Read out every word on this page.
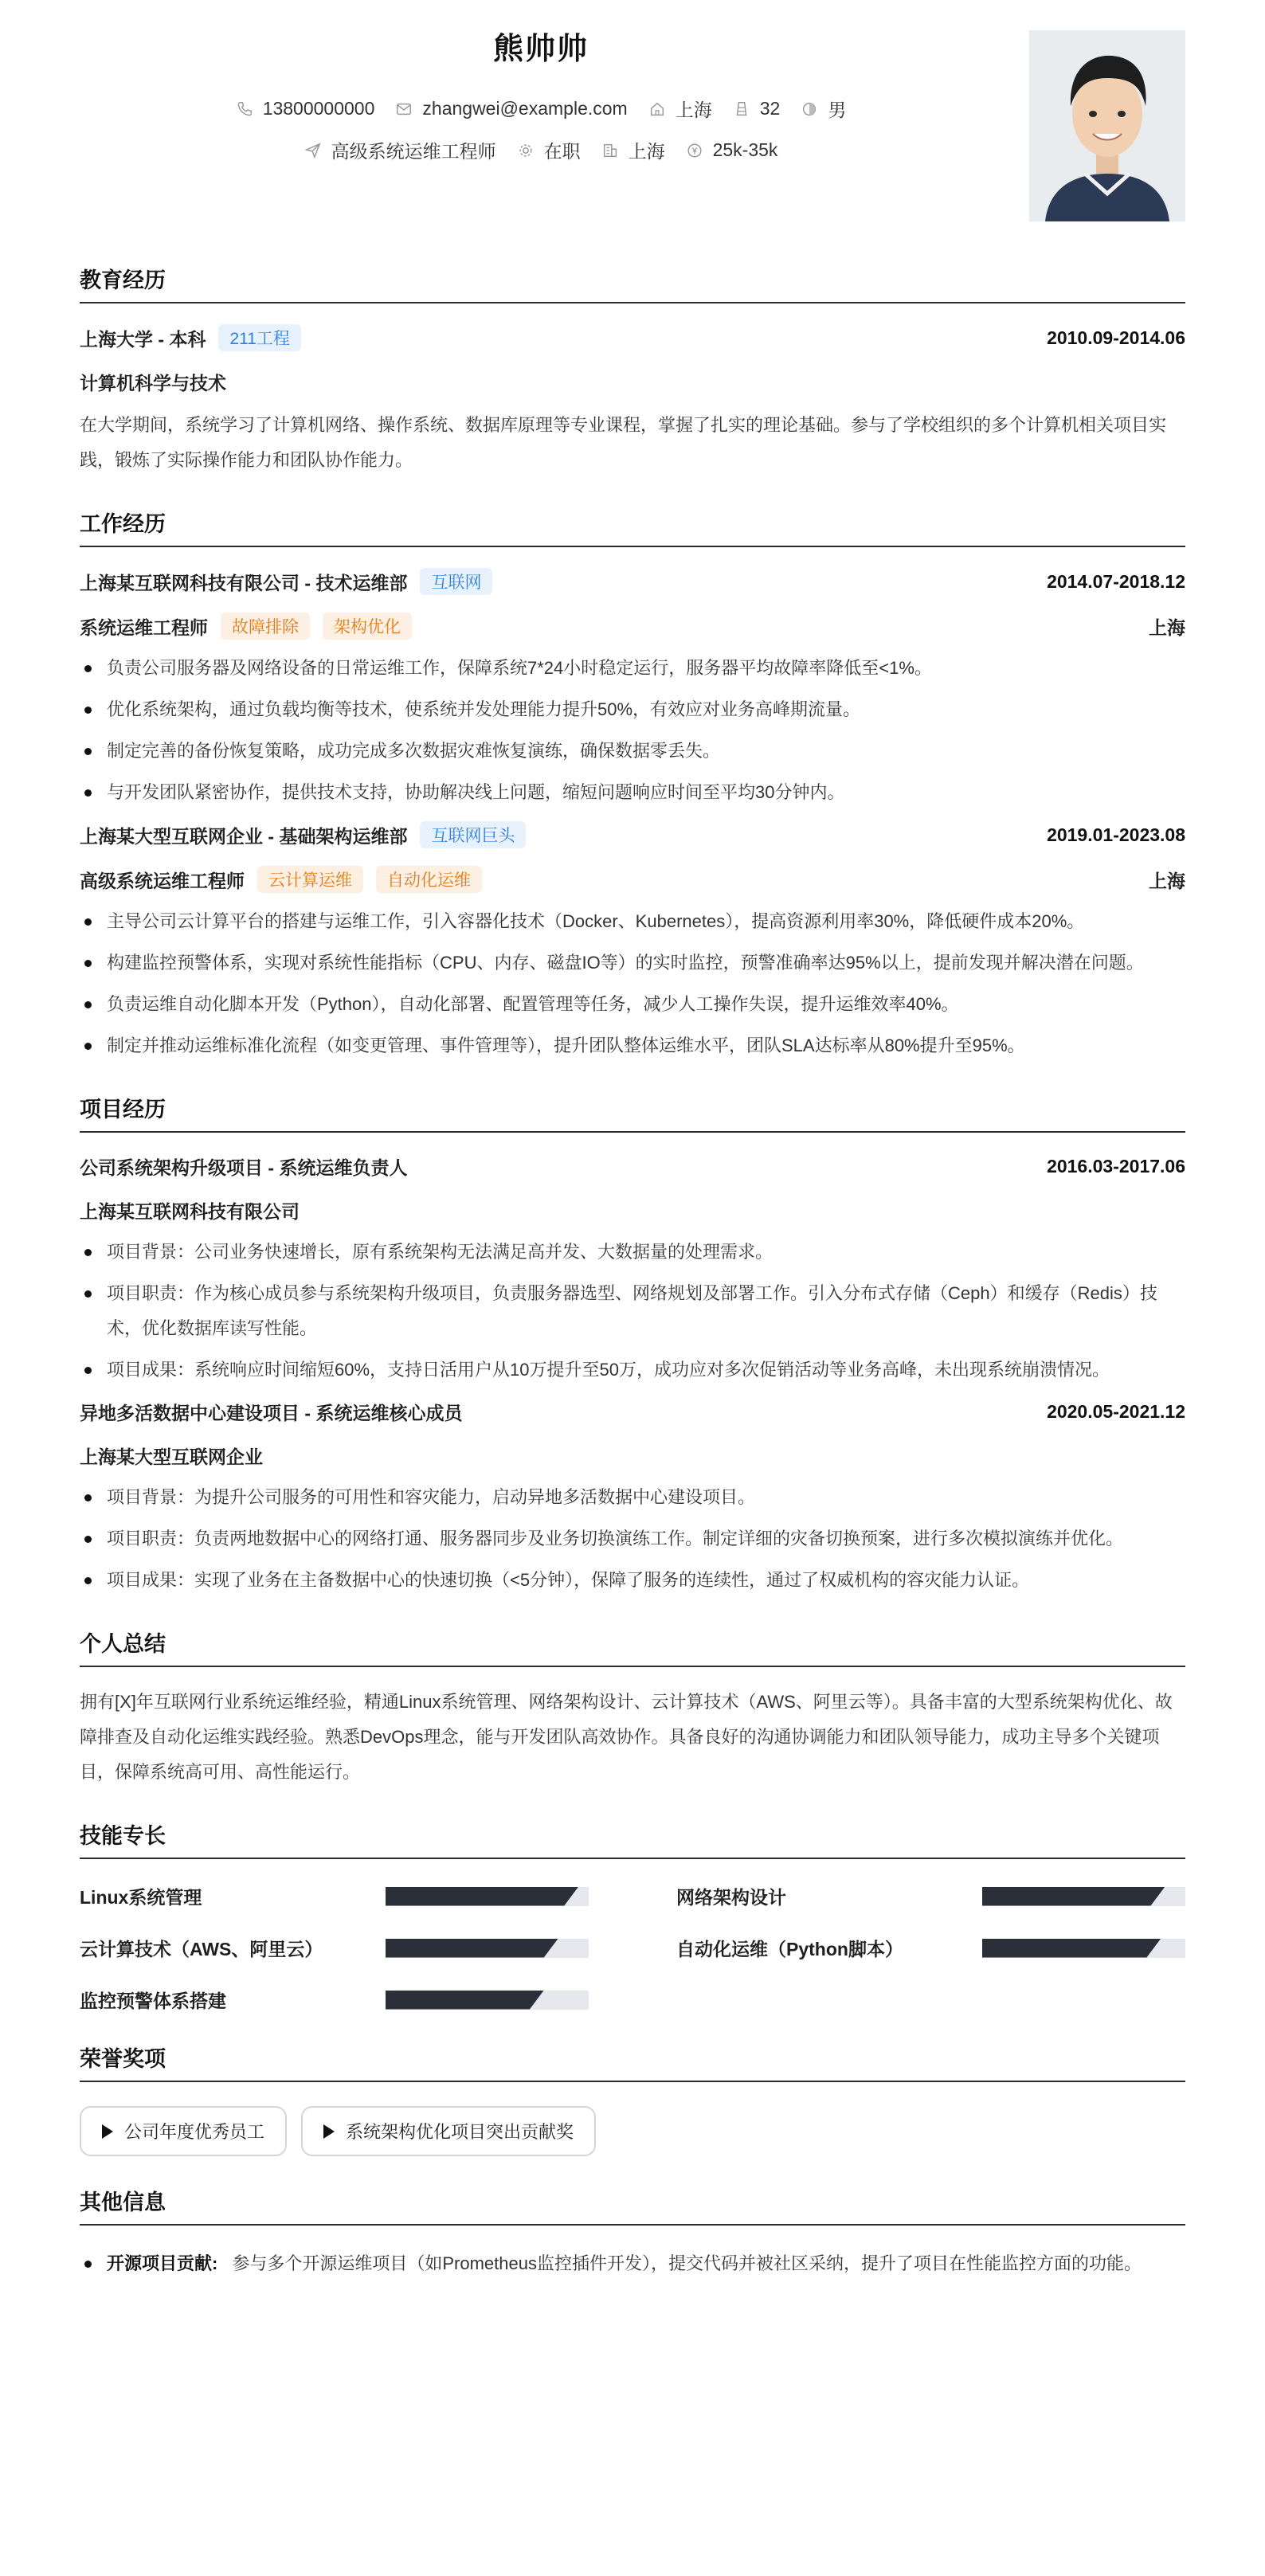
熊帅帅
13800000000	zhangwei@example.com	上海	32	男
高级系统运维工程师	在职	上海	25k-35k
教育经历
上海大学 - 本科	211工程	2010.09-2014.06
计算机科学与技术
在大学期间，系统学习了计算机网络、操作系统、数据库原理等专业课程，掌握了扎实的理论基础。参与了学校组织的多个计算机相关项目实践，锻炼了实际操作能力和团队协作能力。
工作经历
上海某互联网科技有限公司 - 技术运维部	互联网	2014.07-2018.12
系统运维工程师	故障排除	架构优化	上海
负责公司服务器及网络设备的日常运维工作，保障系统7*24小时稳定运行，服务器平均故障率降低至<1%。
优化系统架构，通过负载均衡等技术，使系统并发处理能力提升50%，有效应对业务高峰期流量。
制定完善的备份恢复策略，成功完成多次数据灾难恢复演练，确保数据零丢失。
与开发团队紧密协作，提供技术支持，协助解决线上问题，缩短问题响应时间至平均30分钟内。
上海某大型互联网企业 - 基础架构运维部	互联网巨头	2019.01-2023.08
高级系统运维工程师	云计算运维	自动化运维	上海
主导公司云计算平台的搭建与运维工作，引入容器化技术（Docker、Kubernetes），提高资源利用率30%，降低硬件成本20%。
构建监控预警体系，实现对系统性能指标（CPU、内存、磁盘IO等）的实时监控，预警准确率达95%以上，提前发现并解决潜在问题。
负责运维自动化脚本开发（Python），自动化部署、配置管理等任务，减少人工操作失误，提升运维效率40%。
制定并推动运维标准化流程（如变更管理、事件管理等），提升团队整体运维水平，团队SLA达标率从80%提升至95%。
项目经历
公司系统架构升级项目 - 系统运维负责人	2016.03-2017.06
上海某互联网科技有限公司
项目背景：公司业务快速增长，原有系统架构无法满足高并发、大数据量的处理需求。
项目职责：作为核心成员参与系统架构升级项目，负责服务器选型、网络规划及部署工作。引入分布式存储（Ceph）和缓存（Redis）技术，优化数据库读写性能。
项目成果：系统响应时间缩短60%，支持日活用户从10万提升至50万，成功应对多次促销活动等业务高峰，未出现系统崩溃情况。
异地多活数据中心建设项目 - 系统运维核心成员	2020.05-2021.12
上海某大型互联网企业
项目背景：为提升公司服务的可用性和容灾能力，启动异地多活数据中心建设项目。
项目职责：负责两地数据中心的网络打通、服务器同步及业务切换演练工作。制定详细的灾备切换预案，进行多次模拟演练并优化。
项目成果：实现了业务在主备数据中心的快速切换（<5分钟），保障了服务的连续性，通过了权威机构的容灾能力认证。
个人总结
拥有[X]年互联网行业系统运维经验，精通Linux系统管理、网络架构设计、云计算技术（AWS、阿里云等）。具备丰富的大型系统架构优化、故障排查及自动化运维实践经验。熟悉DevOps理念，能与开发团队高效协作。具备良好的沟通协调能力和团队领导能力，成功主导多个关键项目，保障系统高可用、高性能运行。
技能专长
Linux系统管理	网络架构设计
云计算技术（AWS、阿里云）	自动化运维（Python脚本）
监控预警体系搭建
荣誉奖项
公司年度优秀员工	系统架构优化项目突出贡献奖
其他信息
开源项目贡献: 参与多个开源运维项目（如Prometheus监控插件开发），提交代码并被社区采纳，提升了项目在性能监控方面的功能。
